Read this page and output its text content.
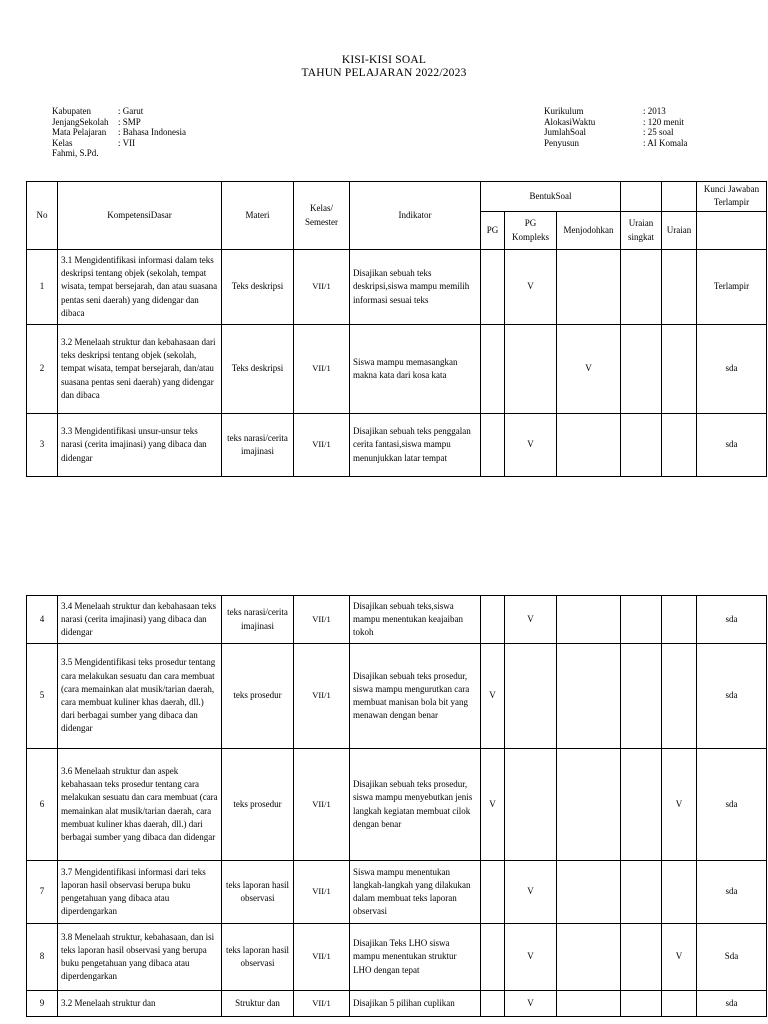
KISI-KISI SOAL
TAHUN PELAJARAN 2022/2023
Kabupaten	: Garut
JenjangSekolah : SMP
Mata Pelajaran : Bahasa Indonesia
Kelas	: VII
Fahmi, S.Pd.
Kurikulum	: 2013
AlokasiWaktu	: 120 menit
JumlahSoal	: 25 soal
Penyusun	: AI Komala
No	KompetensiDasar	Materi	Kelas/ Semester	Indikator	BentukSoal					Kunci Jawaban Terlampir
					PG	PG Kompleks	Menjodohkan	Uraian singkat	Uraian	
1	3.1 Mengidentifikasi informasi dalam teks deskripsi tentang objek (sekolah, tempat wisata, tempat bersejarah, dan atau suasana pentas seni daerah) yang didengar dan dibaca	Teks deskripsi	VII/1	Disajikan sebuah teks deskripsi,siswa mampu memilih informasi sesuai teks		V				Terlampir
2	3.2 Menelaah struktur dan kebahasaan dari teks deskripsi tentang objek (sekolah, tempat wisata, tempat bersejarah, dan/atau suasana pentas seni daerah) yang didengar dan dibaca	Teks deskripsi	VII/1	Siswa mampu memasangkan makna kata dari kosa kata			V			sda
3	3.3 Mengidentifikasi unsur-unsur teks narasi (cerita imajinasi) yang dibaca dan didengar	teks narasi/cerita imajinasi	VII/1	Disajikan sebuah teks penggalan cerita fantasi,siswa mampu menunjukkan latar tempat		V				sda
4	3.4 Menelaah struktur dan kebahasaan teks narasi (cerita imajinasi) yang dibaca dan didengar	teks narasi/cerita imajinasi	VII/1	Disajikan sebuah teks,siswa mampu menentukan keajaiban tokoh		V				sda
5	3.5 Mengidentifikasi teks prosedur tentang cara melakukan sesuatu dan cara membuat (cara memainkan alat musik/tarian daerah, cara membuat kuliner khas daerah, dll.) dari berbagai sumber yang dibaca dan didengar	teks prosedur	VII/1	Disajikan sebuah teks prosedur, siswa mampu mengurutkan cara membuat manisan bola bit yang menawan dengan benar	V					sda
6	3.6 Menelaah struktur dan aspek kebahasaan teks prosedur tentang cara melakukan sesuatu dan cara membuat (cara memainkan alat musik/tarian daerah, cara membuat kuliner khas daerah, dll.) dari berbagai sumber yang dibaca dan didengar	teks prosedur	VII/1	Disajikan sebuah teks prosedur, siswa mampu menyebutkan jenis langkah kegiatan membuat cilok dengan benar	V				V	sda
7	3.7 Mengidentifikasi informasi dari teks laporan hasil observasi berupa buku pengetahuan yang dibaca atau diperdengarkan	teks laporan hasil observasi	VII/1	Siswa mampu menentukan langkah-langkah yang dilakukan dalam membuat teks laporan observasi		V				sda
8	3.8 Menelaah struktur, kebahasaan, dan isi teks laporan hasil observasi yang berupa buku pengetahuan yang dibaca atau diperdengarkan	teks laporan hasil observasi	VII/1	Disajikan Teks LHO siswa mampu menentukan struktur LHO dengan tepat		V			V	Sda
9	3.2 Menelaah struktur dan	Struktur dan	VII/1	Disajikan 5 pilihan cuplikan		V				sda
